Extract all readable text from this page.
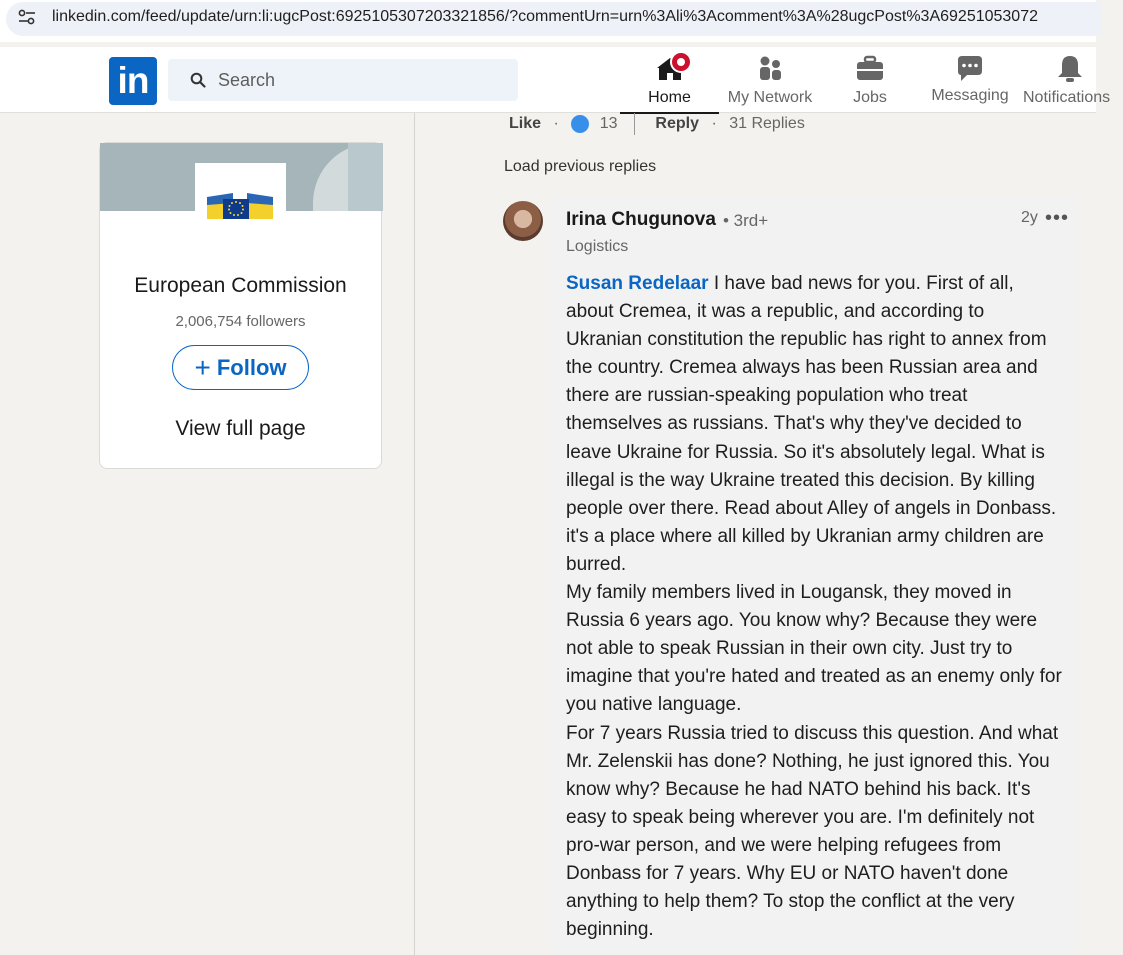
linkedin.com/feed/update/urn:li:ugcPost:6925105307203321856/?commentUrn=urn%3Ali%3Acomment%3A%28ugcPost%3A69251053072
in
Search	Home	My Network	Jobs	Messaging Notifications
European Commission
2,006,754 followers
+ Follow
View full page
Like ·	13 Reply · 31 Replies
Load previous replies
Irina Chugunova • 3rd+
Logistics
2y •••

Susan Redelaar I have bad news for you. First of all, about Cremea, it was a republic, and according to Ukranian constitution the republic has right to annex from the country. Cremea always has been Russian area and there are russian-speaking population who treat themselves as russians. That's why they've decided to leave Ukraine for Russia. So it's absolutely legal. What is illegal is the way Ukraine treated this decision. By killing people over there. Read about Alley of angels in Donbass. it's a place where all killed by Ukranian army children are burred.

My family members lived in Lougansk, they moved in Russia 6 years ago. You know why? Because they were not able to speak Russian in their own city. Just try to imagine that you're hated and treated as an enemy only for you native language.

For 7 years Russia tried to discuss this question. And what Mr. Zelenskii has done? Nothing, he just ignored this. You know why? Because he had NATO behind his back. It's easy to speak being wherever you are. I'm definitely not pro-war person, and we were helping refugees from Donbass for 7 years. Why EU or NATO haven't done anything to help them? To stop the conflict at the very beginning.
